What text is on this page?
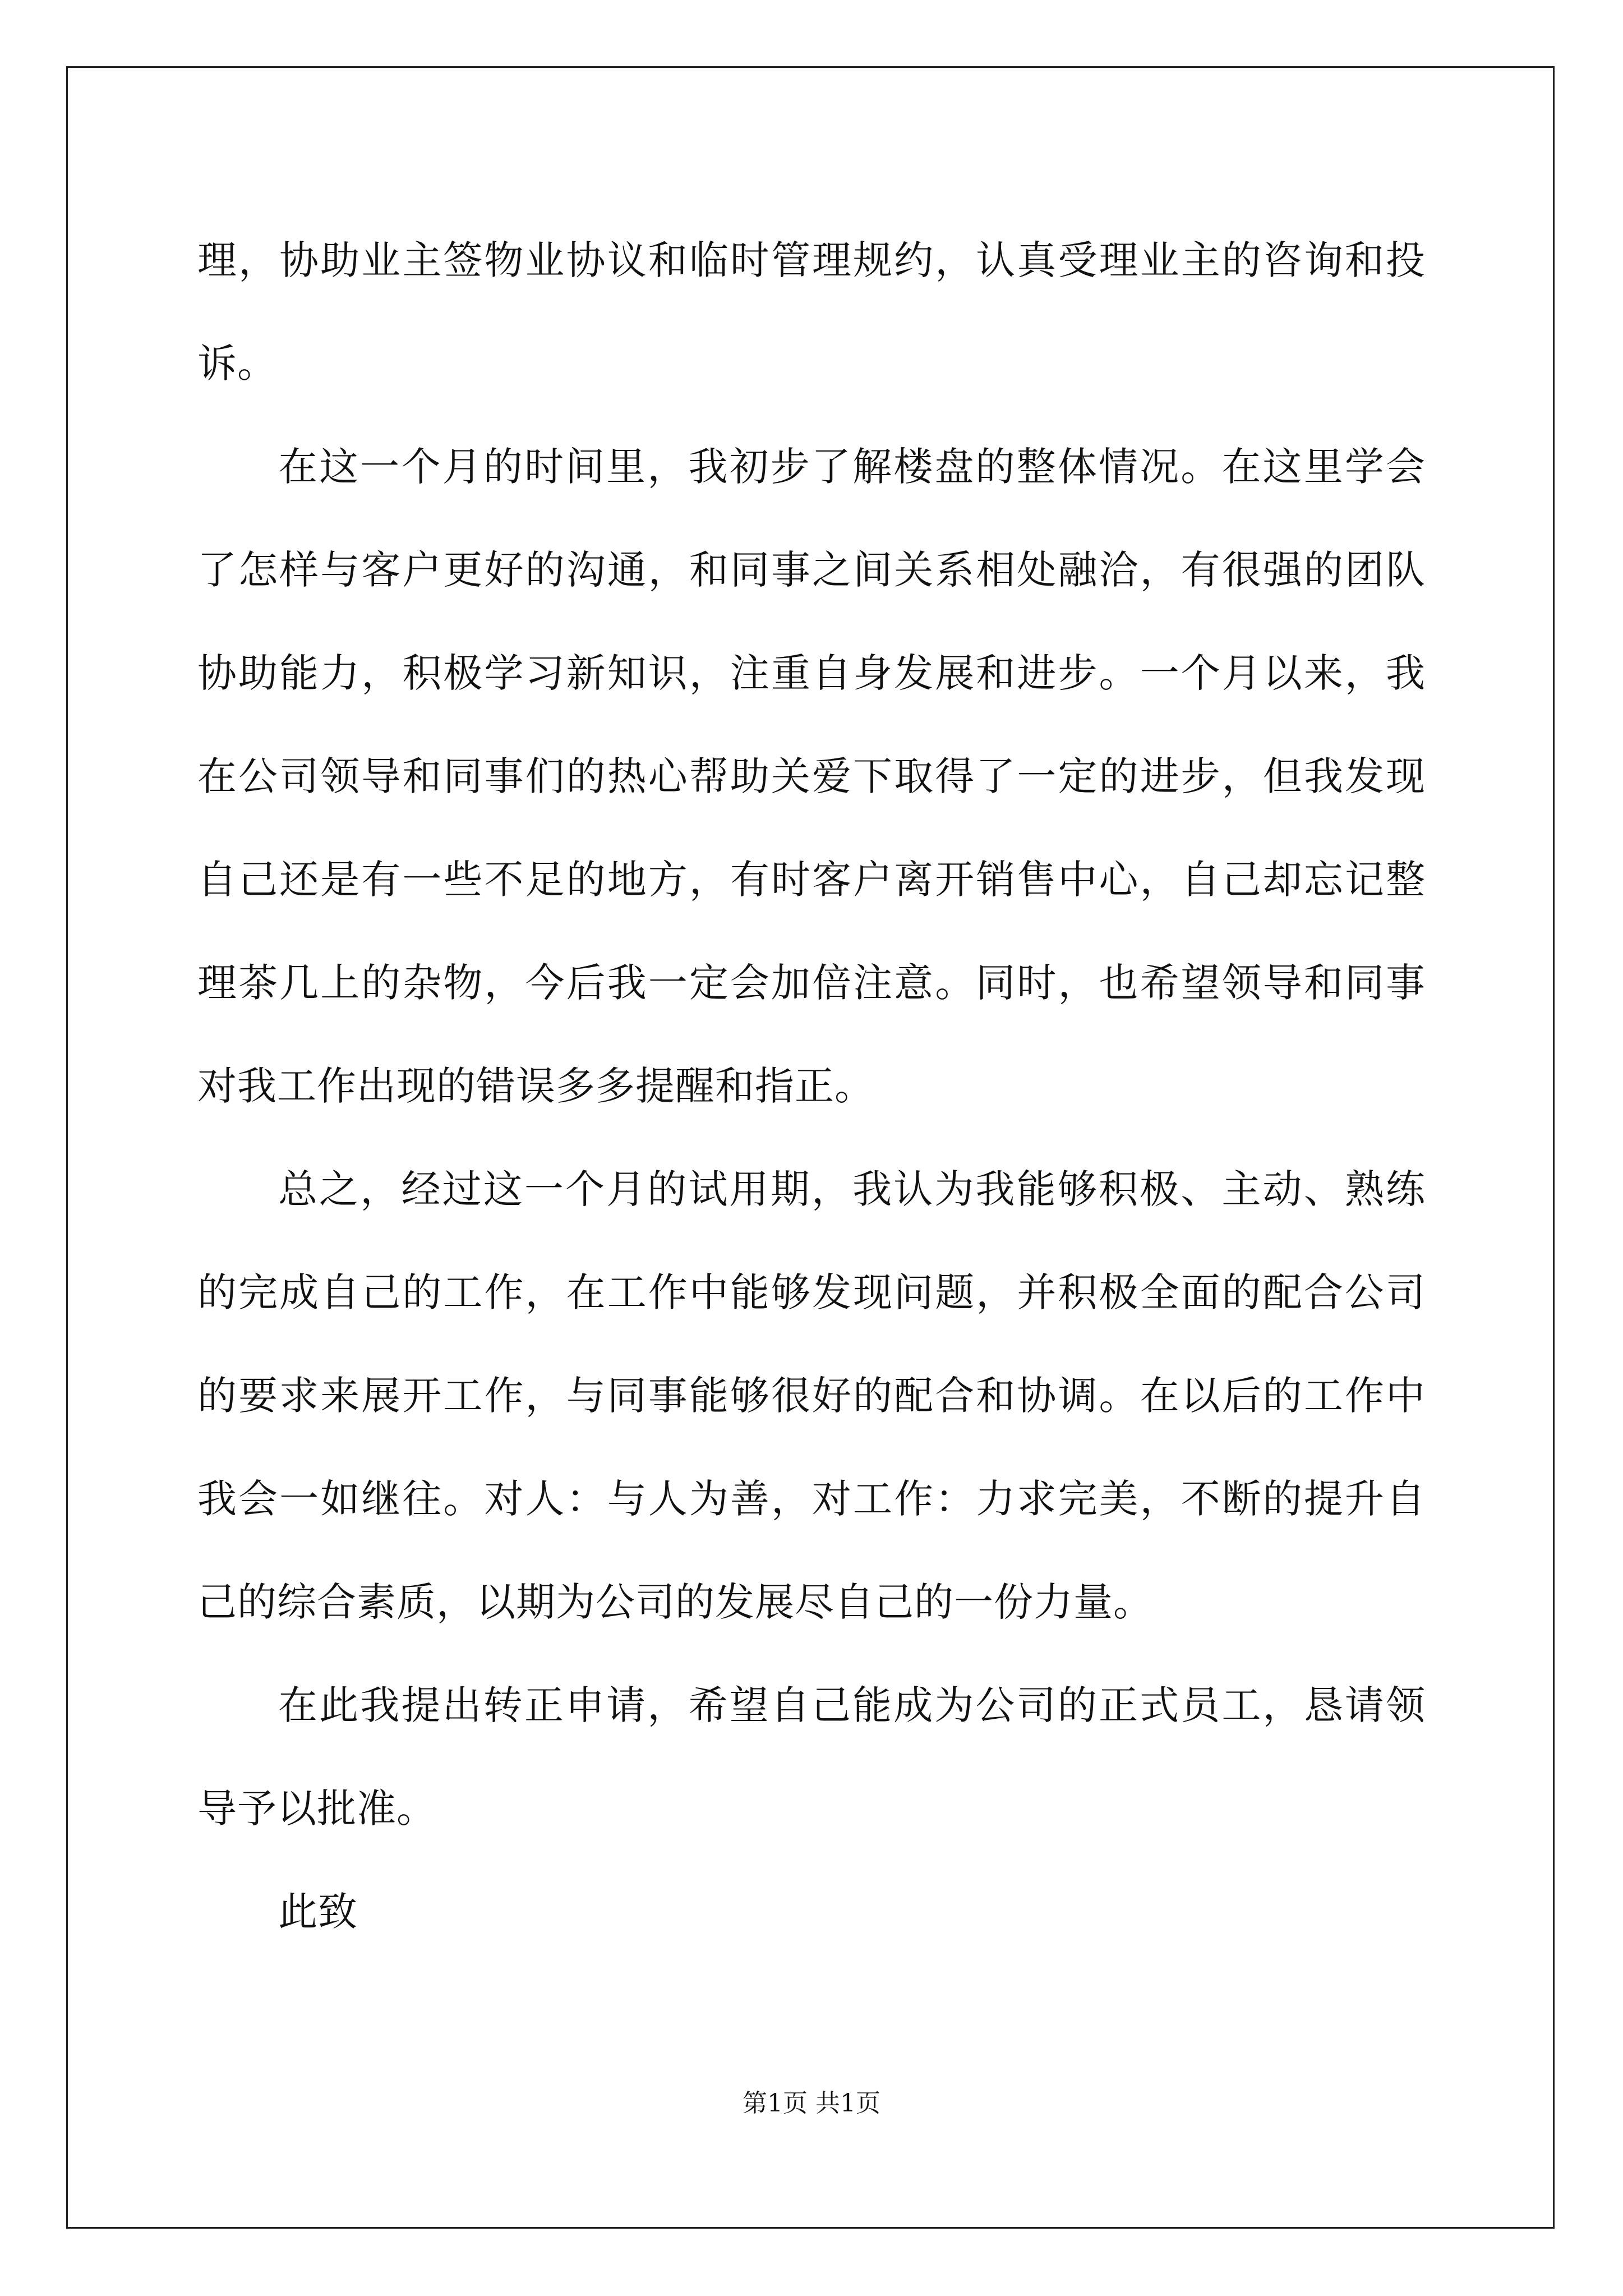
理，协助业主签物业协议和临时管理规约，认真受理业主的咨询和投诉。

在这一个月的时间里，我初步了解楼盘的整体情况。在这里学会了怎样与客户更好的沟通，和同事之间关系相处融洽，有很强的团队协助能力，积极学习新知识，注重自身发展和进步。一个月以来，我在公司领导和同事们的热心帮助关爱下取得了一定的进步，但我发现自己还是有一些不足的地方，有时客户离开销售中心，自己却忘记整理茶几上的杂物，今后我一定会加倍注意。同时，也希望领导和同事对我工作出现的错误多多提醒和指正。

总之，经过这一个月的试用期，我认为我能够积极、主动、熟练的完成自己的工作，在工作中能够发现问题，并积极全面的配合公司的要求来展开工作，与同事能够很好的配合和协调。在以后的工作中我会一如继往。对人：与人为善，对工作：力求完美，不断的提升自己的综合素质，以期为公司的发展尽自己的一份力量。

在此我提出转正申请，希望自己能成为公司的正式员工，恳请领导予以批准。

此致

第1页 共1页
